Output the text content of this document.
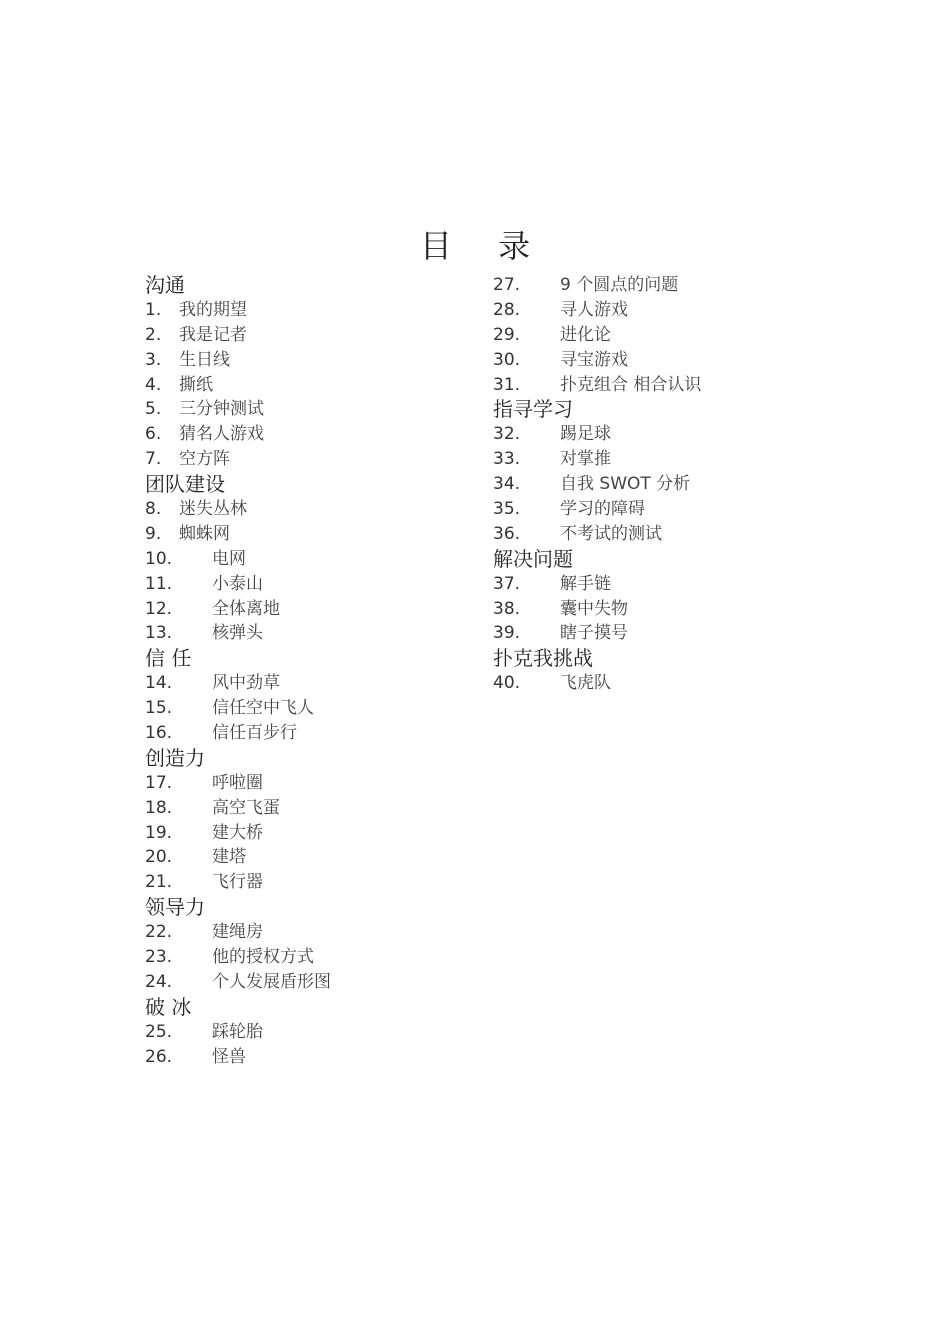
目 录
沟通
1. 我的期望
2. 我是记者
3. 生日线
4. 撕纸
5. 三分钟测试
6. 猜名人游戏
7. 空方阵
团队建设
8. 迷失丛林
9. 蜘蛛网
10. 电网
11. 小泰山
12. 全体离地
13. 核弹头
信 任
14. 风中劲草
15. 信任空中飞人
16. 信任百步行
创造力
17. 呼啦圈
18. 高空飞蛋
19. 建大桥
20. 建塔
21. 飞行器
领导力
22. 建绳房
23. 他的授权方式
24. 个人发展盾形图
破 冰
25. 踩轮胎
26. 怪兽
27. 9 个圆点的问题
28. 寻人游戏
29. 进化论
30. 寻宝游戏
31. 扑克组合 相合认识
指寻学习
32. 踢足球
33. 对掌推
34. 自我 SWOT 分析
35. 学习的障碍
36. 不考试的测试
解决问题
37. 解手链
38. 囊中失物
39. 瞎子摸号
扑克我挑战
40. 飞虎队
